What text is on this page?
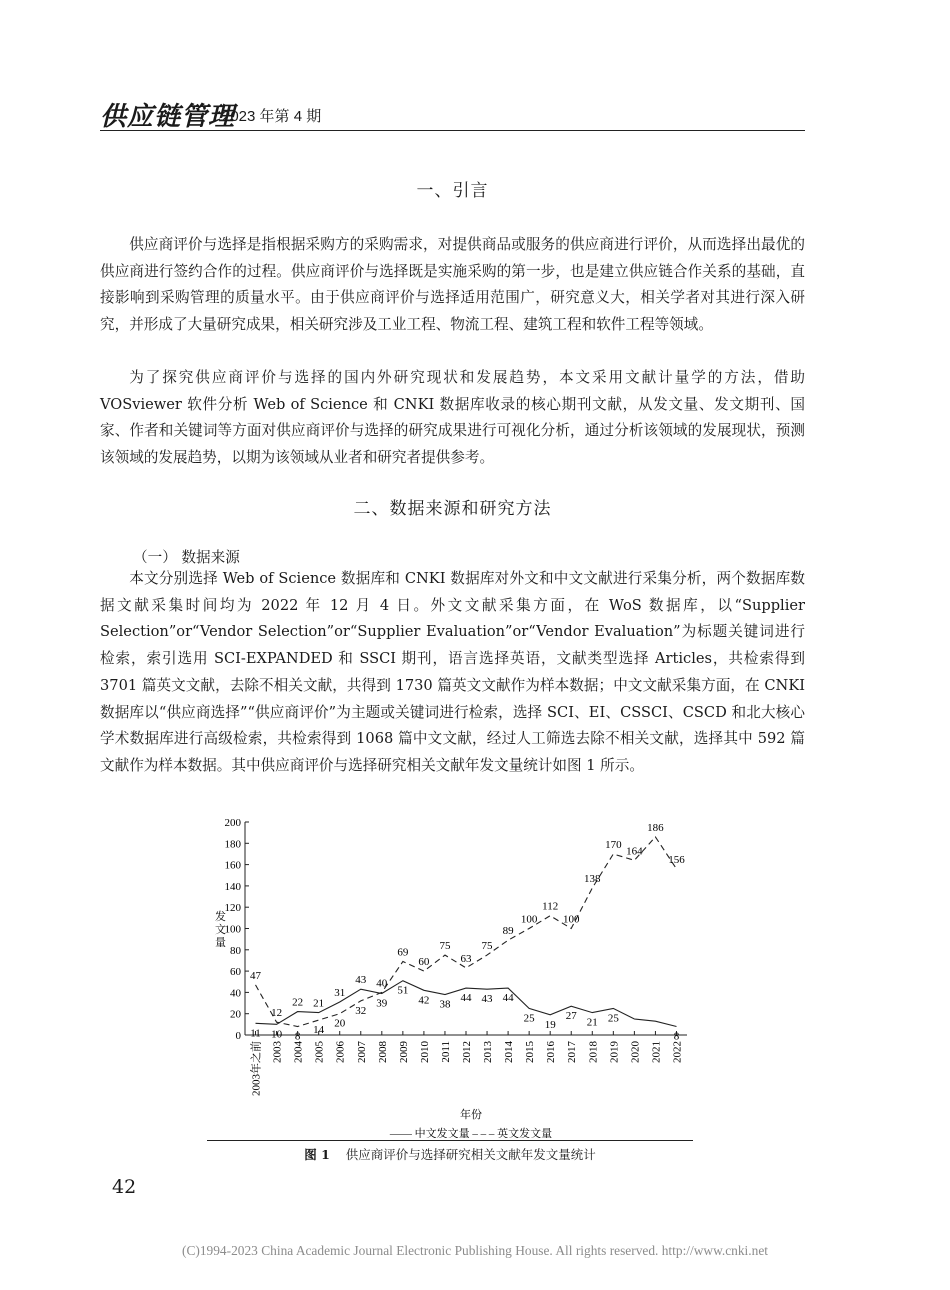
供应链管理
2023 年第 4 期
一、引言

供应商评价与选择是指根据采购方的采购需求，对提供商品或服务的供应商进行评价，从而选择出最优的供应商进行签约合作的过程。供应商评价与选择既是实施采购的第一步，也是建立供应链合作关系的基础，直接影响到采购管理的质量水平。由于供应商评价与选择适用范围广，研究意义大，相关学者对其进行深入研究，并形成了大量研究成果，相关研究涉及工业工程、物流工程、建筑工程和软件工程等领域。

为了探究供应商评价与选择的国内外研究现状和发展趋势，本文采用文献计量学的方法，借助 VOSviewer 软件分析 Web of Science 和 CNKI 数据库收录的核心期刊文献，从发文量、发文期刊、国家、作者和关键词等方面对供应商评价与选择的研究成果进行可视化分析，通过分析该领域的发展现状，预测该领域的发展趋势，以期为该领域从业者和研究者提供参考。

二、数据来源和研究方法
（一） 数据来源

本文分别选择 Web of Science 数据库和 CNKI 数据库对外文和中文文献进行采集分析，两个数据库数据文献采集时间均为 2022 年 12 月 4 日。外文文献采集方面，在 WoS 数据库，以“Supplier Selection”or“Vendor Selection”or“Supplier Evaluation”or“Vendor Evaluation”为标题关键词进行检索，索引选用 SCI-EXPANDED 和 SSCI 期刊，语言选择英语，文献类型选择 Articles，共检索得到 3701 篇英文文献，去除不相关文献，共得到 1730 篇英文文献作为样本数据；中文文献采集方面，在 CNKI 数据库以“供应商选择”“供应商评价”为主题或关键词进行检索，选择 SCI、EI、CSSCI、CSCD 和北大核心学术数据库进行高级检索，共检索得到 1068 篇中文文献，经过人工筛选去除不相关文献，选择其中 592 篇文献作为样本数据。其中供应商评价与选择研究相关文献年发文量统计如图 1 所示。

0
20
40
60
80
100
120
140
160
180
200
2003年之前 2003 2004 2005 2006 2007 2008 2009 2010 2011 2012 2013 2014 2015 2016 2017 2018 2019 2020 2021 2022
发文量
年份
—— 中文发文量 – – – 英文发文量
11 10
22 21
31
43
39
51
42 38
44 43 44
25
19
27
21 25
8
47
12
8
14
20
32
40
69
60
75
63
75
89
100
112
100
138
170
164
186
156
图 1 供应商评价与选择研究相关文献年发文量统计
42
(C)1994-2023 China Academic Journal Electronic Publishing House. All rights reserved. http://www.cnki.net
